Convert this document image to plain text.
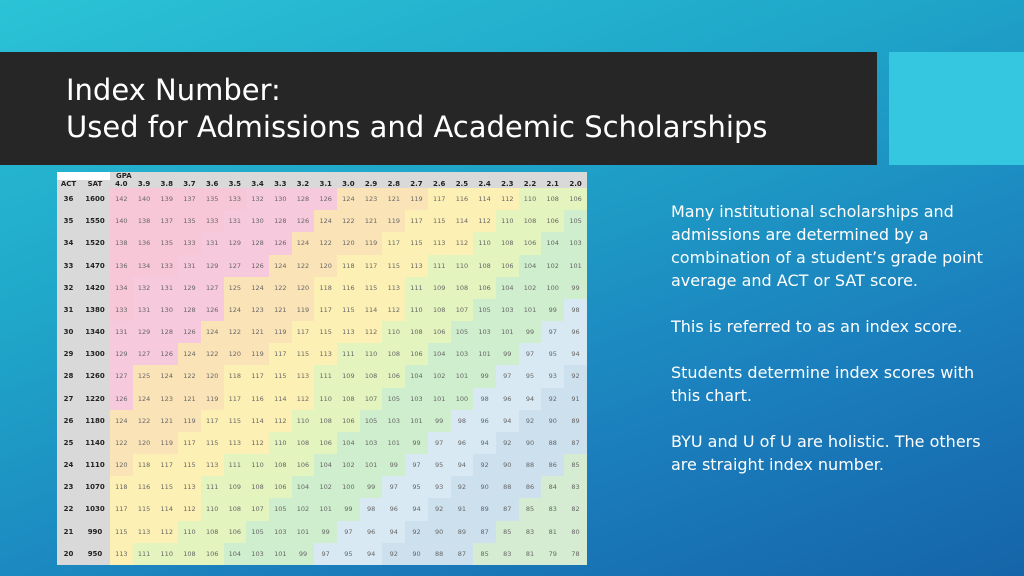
Index Number:
Used for Admissions and Academic Scholarships
		GPA																				
ACT	SAT	4.0	3.9	3.8	3.7	3.6	3.5	3.4	3.3	3.2	3.1	3.0	2.9	2.8	2.7	2.6	2.5	2.4	2.3	2.2	2.1	2.0
36	1600	142	140	139	137	135	133	132	130	128	126	124	123	121	119	117	116	114	112	110	108	106
35	1550	140	138	137	135	133	131	130	128	126	124	122	121	119	117	115	114	112	110	108	106	105
34	1520	138	136	135	133	131	129	128	126	124	122	120	119	117	115	113	112	110	108	106	104	103
33	1470	136	134	133	131	129	127	126	124	122	120	118	117	115	113	111	110	108	106	104	102	101
32	1420	134	132	131	129	127	125	124	122	120	118	116	115	113	111	109	108	106	104	102	100	99
31	1380	133	131	130	128	126	124	123	121	119	117	115	114	112	110	108	107	105	103	101	99	98
30	1340	131	129	128	126	124	122	121	119	117	115	113	112	110	108	106	105	103	101	99	97	96
29	1300	129	127	126	124	122	120	119	117	115	113	111	110	108	106	104	103	101	99	97	95	94
28	1260	127	125	124	122	120	118	117	115	113	111	109	108	106	104	102	101	99	97	95	93	92
27	1220	126	124	123	121	119	117	116	114	112	110	108	107	105	103	101	100	98	96	94	92	91
26	1180	124	122	121	119	117	115	114	112	110	108	106	105	103	101	99	98	96	94	92	90	89
25	1140	122	120	119	117	115	113	112	110	108	106	104	103	101	99	97	96	94	92	90	88	87
24	1110	120	118	117	115	113	111	110	108	106	104	102	101	99	97	95	94	92	90	88	86	85
23	1070	118	116	115	113	111	109	108	106	104	102	100	99	97	95	93	92	90	88	86	84	83
22	1030	117	115	114	112	110	108	107	105	102	101	99	98	96	94	92	91	89	87	85	83	82
21	990	115	113	112	110	108	106	105	103	101	99	97	96	94	92	90	89	87	85	83	81	80
20	950	113	111	110	108	106	104	103	101	99	97	95	94	92	90	88	87	85	83	81	79	78

Many institutional scholarships and admissions are determined by a combination of a student’s grade point average and ACT or SAT score.

This is referred to as an index score.

Students determine index scores with this chart.

BYU and U of U are holistic. The others are straight index number.
